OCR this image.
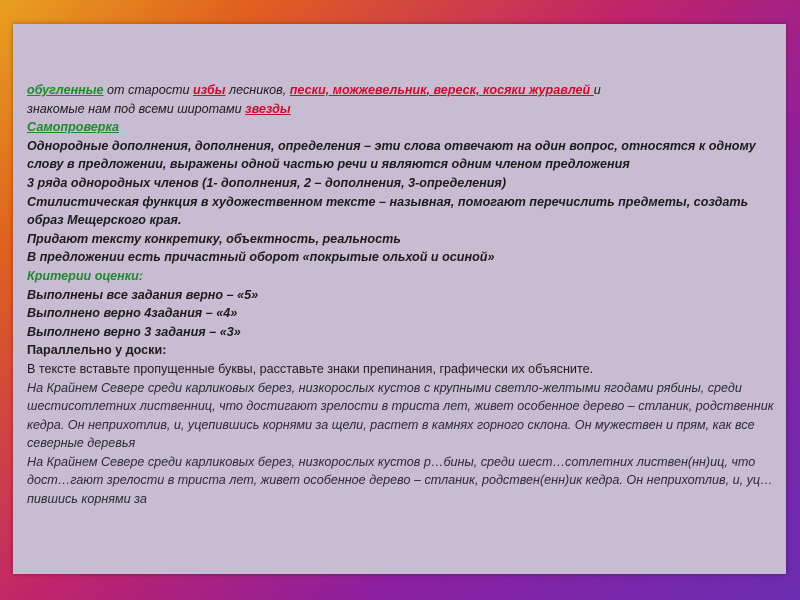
обугленные от старости избы лесников, пески, можжевельник, вереск, косяки журавлей и

знакомые нам под всеми широтами звезды

Самопроверка

Однородные дополнения, дополнения, определения – эти слова отвечают на один вопрос, относятся к одному слову в предложении, выражены одной частью речи и являются одним членом предложения

3 ряда однородных членов (1- дополнения, 2 – дополнения, 3-определения)

Стилистическая функция в художественном тексте – назывная, помогают перечислить предметы, создать образ Мещерского края.

Придают тексту конкретику, объектность, реальность

В предложении есть причастный оборот «покрытые ольхой и осиной»

Критерии оценки:

Выполнены все задания верно – «5»

Выполнено верно 4задания – «4»

Выполнено верно 3 задания – «3»

Параллельно у доски:

В тексте вставьте пропущенные буквы, расставьте знаки препинания, графически их объясните.

На Крайнем Севере среди карликовых берез, низкорослых кустов с крупными светло-желтыми ягодами рябины, среди шестисотлетних лиственниц, что достигают зрелости в триста лет, живет особенное дерево – стланик, родственник кедра. Он неприхотлив, и, уцепившись корнями за щели, растет в камнях горного склона. Он мужествен и прям, как все северные деревья

На Крайнем Севере среди карликовых берез, низкорослых кустов р…бины, среди шест…сотлетних листвен(нн)иц, что дост…гают зрелости в триста лет, живет особенное дерево – стланик, родствен(енн)ик кедра. Он неприхотлив, и, уц…пившись корнями за
